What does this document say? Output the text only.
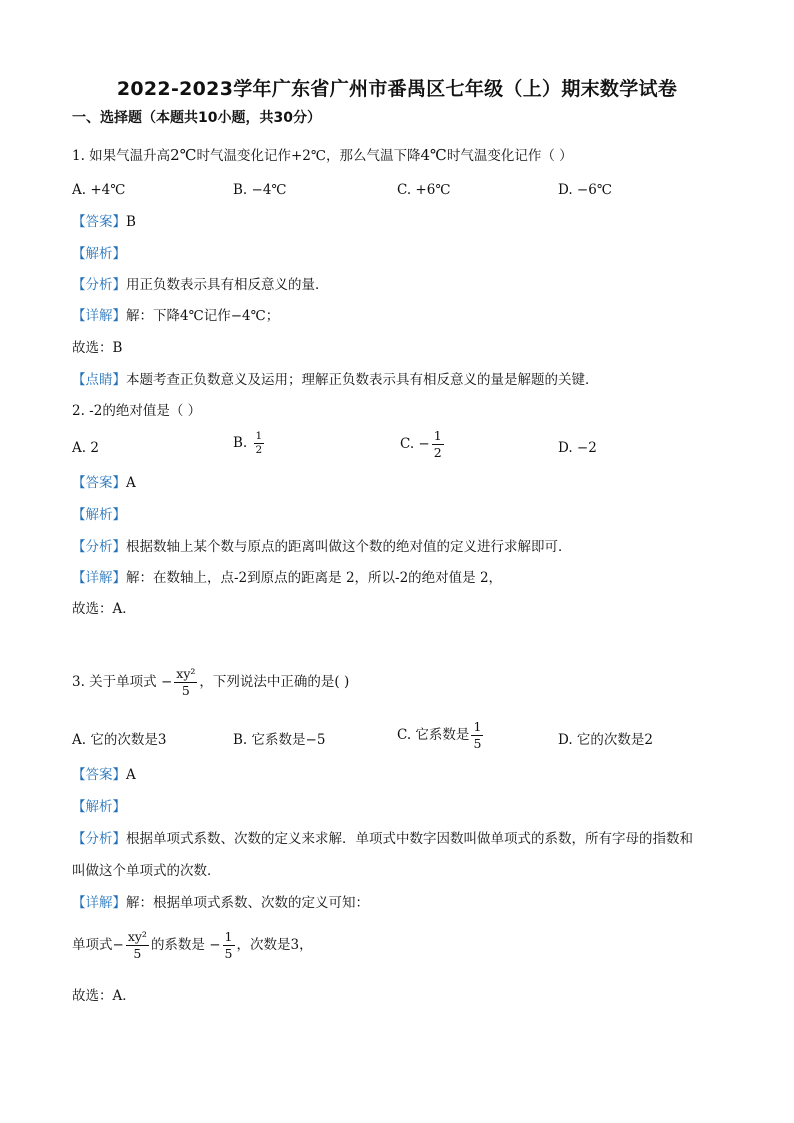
2022-2023学年广东省广州市番禺区七年级（上）期末数学试卷
一、选择题（本题共10小题，共30分）
1. 如果气温升高2℃时气温变化记作+2℃，那么气温下降4℃时气温变化记作（ ）
A. +4℃	B. −4℃	C. +6℃	D. −6℃
【答案】B
【解析】
【分析】用正负数表示具有相反意义的量．
【详解】解：下降4℃记作−4℃；
故选：B
【点睛】本题考查正负数意义及运用；理解正负数表示具有相反意义的量是解题的关键．
2. -2的绝对值是（ ）
A. 2	B. $\frac{1}{2}$	C. − $\frac{1}{2}$	D. −2
【答案】A
【解析】
【分析】根据数轴上某个数与原点的距离叫做这个数的绝对值的定义进行求解即可．
【详解】解：在数轴上，点-2到原点的距离是 2，所以-2的绝对值是 2，
故选：A．
3. 关于单项式 − $\frac{\text{xy²}}{5}$ ，下列说法中正确的是( )
A. 它的次数是3	B. 它系数是−5	C. 它系数是 $\frac{1}{5}$	D. 它的次数是2
【答案】A
【解析】
【分析】根据单项式系数、次数的定义来求解．单项式中数字因数叫做单项式的系数，所有字母的指数和
叫做这个单项式的次数．
【详解】解：根据单项式系数、次数的定义可知：
单项式− $\frac{\text{xy²}}{5}$ 的系数是 − $\frac{1}{5}$ ，次数是3，
故选：A．
